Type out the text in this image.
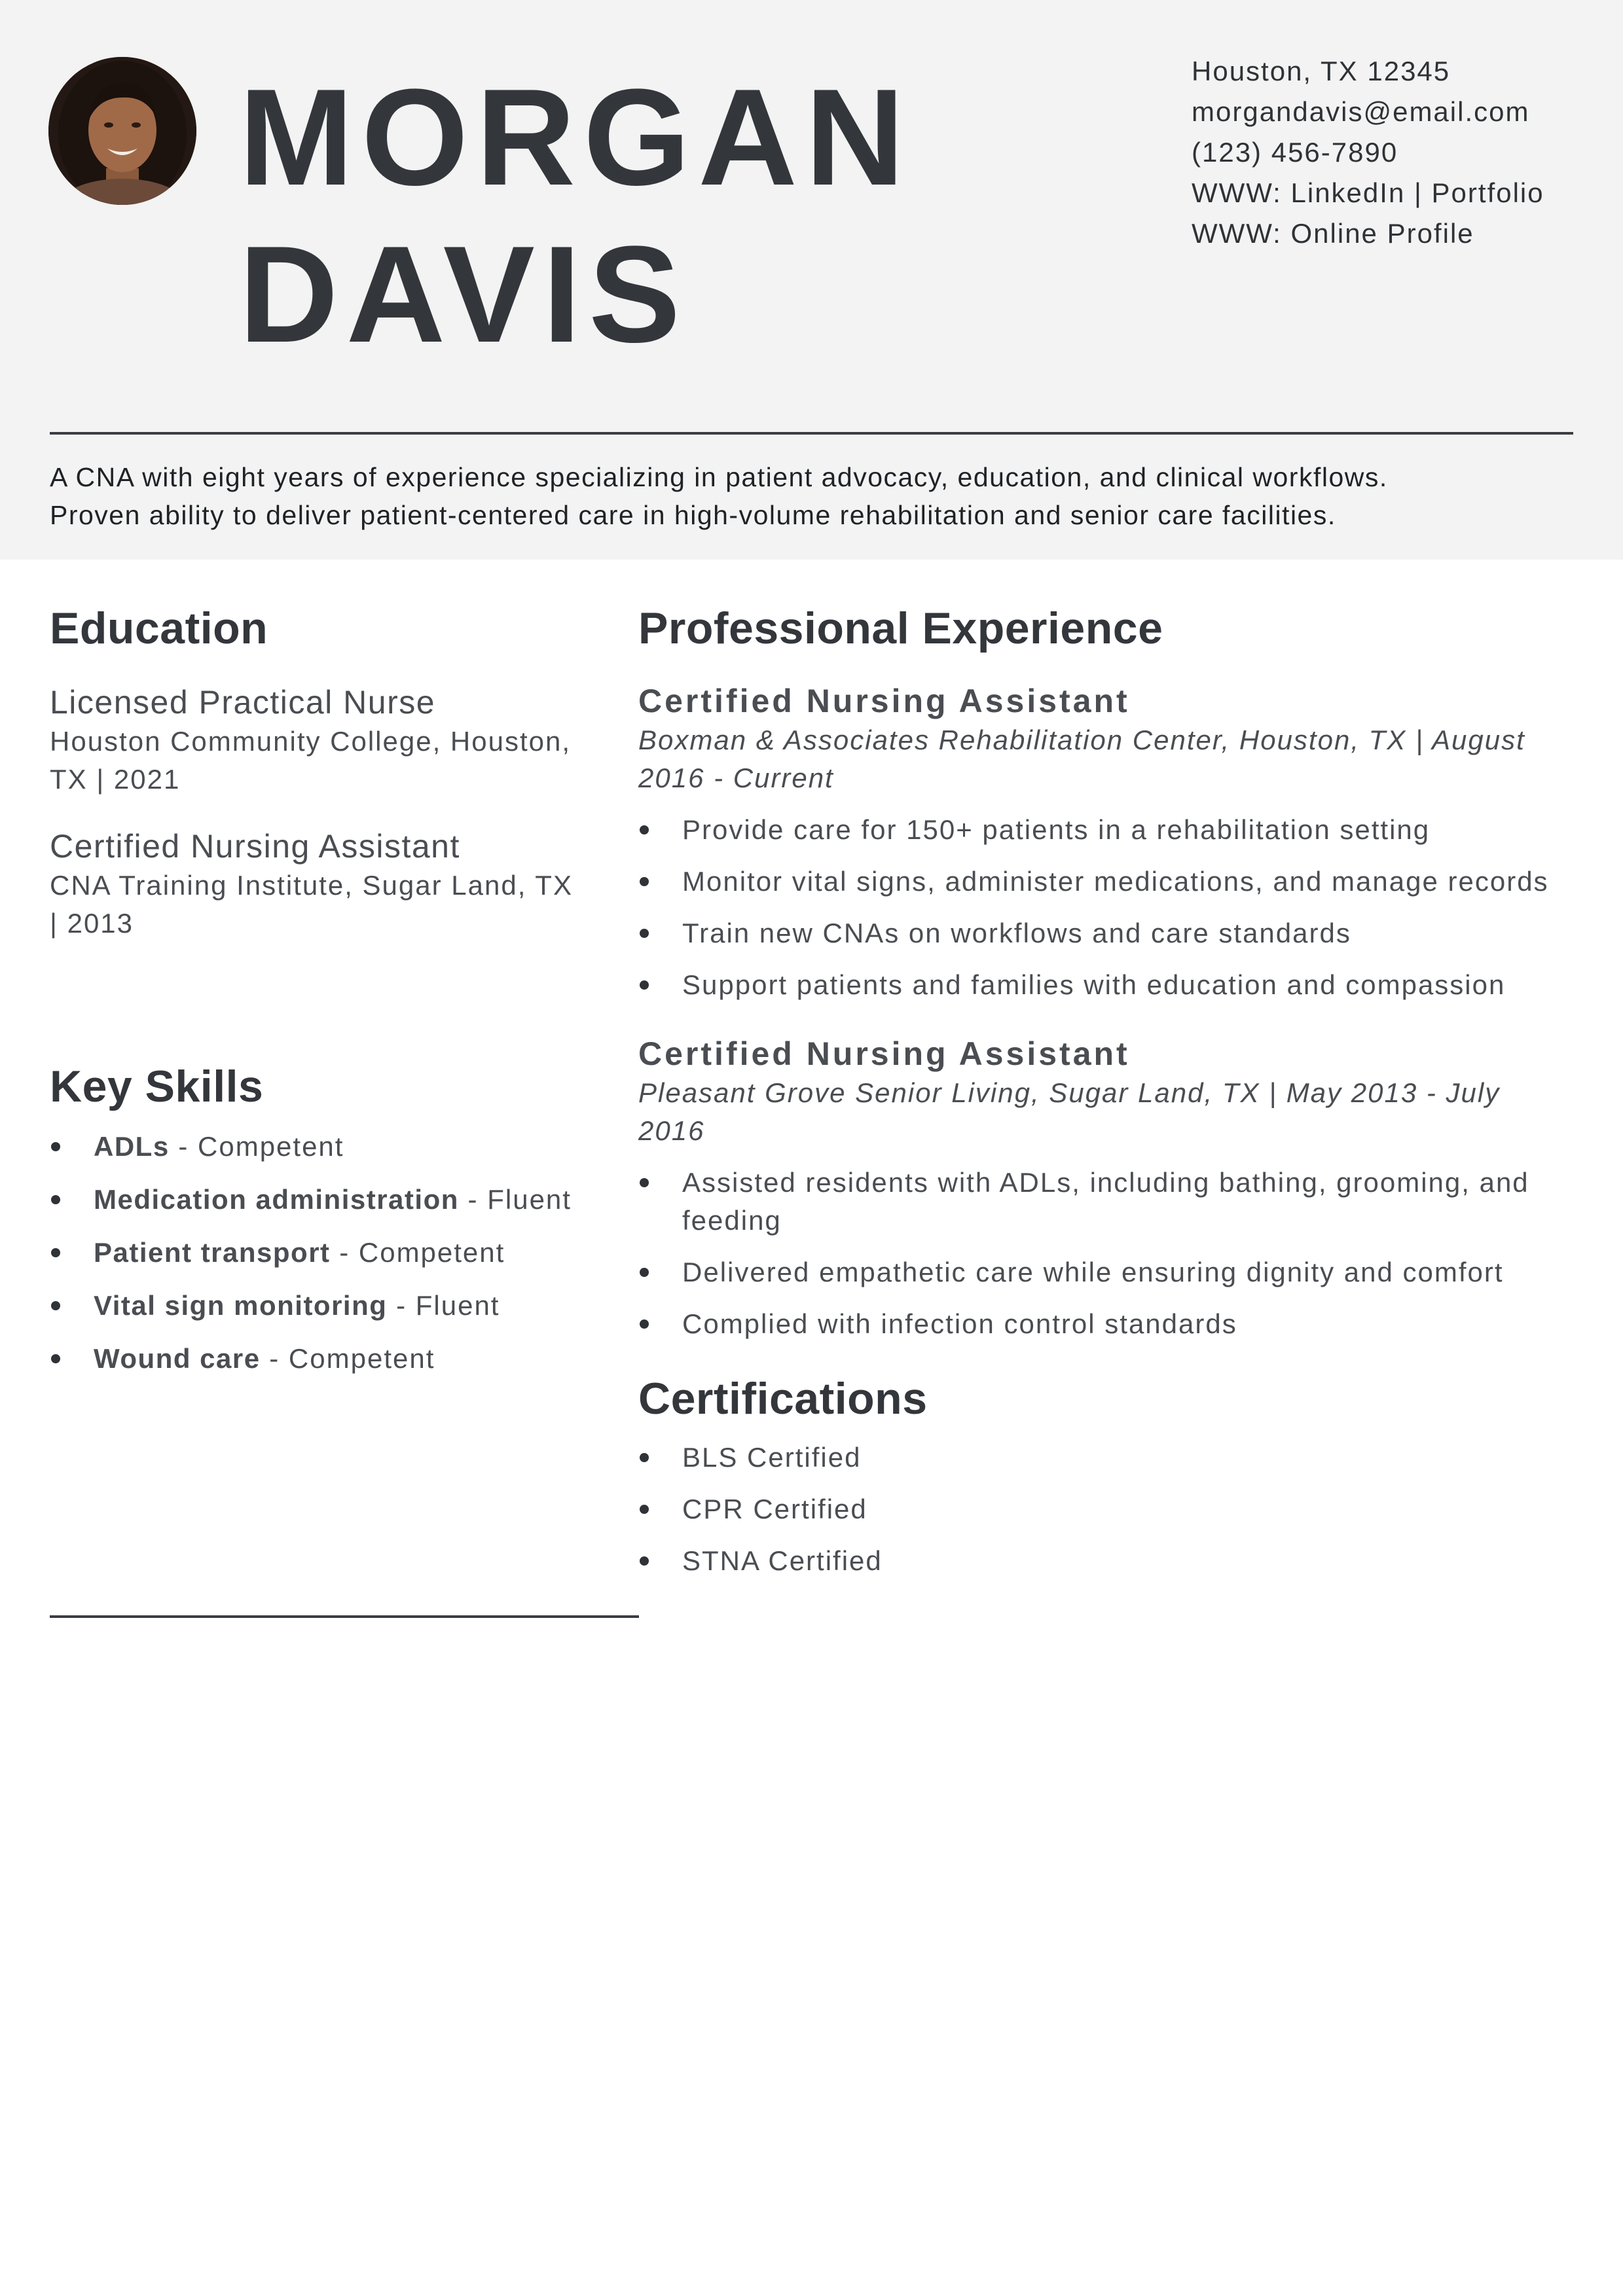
MORGAN
DAVIS
Houston, TX 12345
morgandavis@email.com
(123) 456-7890
WWW: LinkedIn | Portfolio
WWW: Online Profile
A CNA with eight years of experience specializing in patient advocacy, education, and clinical workflows.
Proven ability to deliver patient-centered care in high-volume rehabilitation and senior care facilities.
Education
Licensed Practical Nurse
Houston Community College, Houston,
TX | 2021
Certified Nursing Assistant
CNA Training Institute, Sugar Land, TX
| 2013
Key Skills
ADLs - Competent
Medication administration - Fluent
Patient transport - Competent
Vital sign monitoring - Fluent
Wound care - Competent
Professional Experience
Certified Nursing Assistant
Boxman & Associates Rehabilitation Center, Houston, TX | August
2016 - Current
Provide care for 150+ patients in a rehabilitation setting
Monitor vital signs, administer medications, and manage records
Train new CNAs on workflows and care standards
Support patients and families with education and compassion
Certified Nursing Assistant
Pleasant Grove Senior Living, Sugar Land, TX | May 2013 - July
2016
Assisted residents with ADLs, including bathing, grooming, and
feeding
Delivered empathetic care while ensuring dignity and comfort
Complied with infection control standards
Certifications
BLS Certified
CPR Certified
STNA Certified
